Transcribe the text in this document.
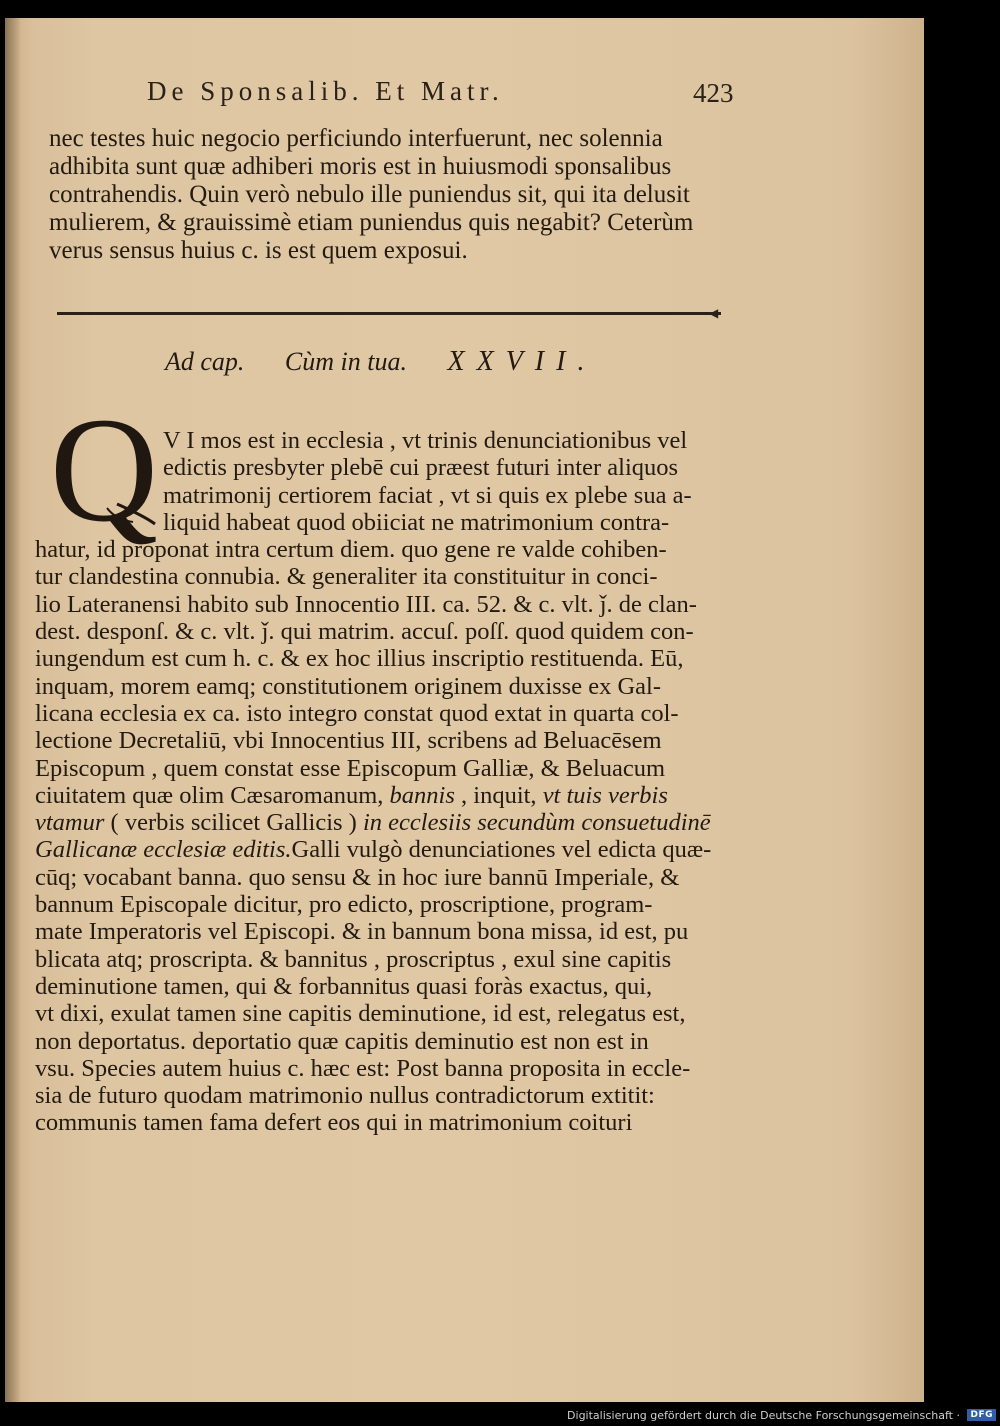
De Sponsalib. Et Matr.	423
nec testes huic negocio perficiundo interfuerunt, nec solennia
adhibita sunt quæ adhiberi moris est in huiusmodi sponsalibus
contrahendis. Quin verò nebulo ille puniendus sit, qui ita delusit
mulierem, & grauissimè etiam puniendus quis negabit? Ceterùm
verus sensus huius c. is est quem exposui.
◀
Ad cap. Cùm in tua. XXVII.
Q V I mos est in ecclesia , vt trinis denunciationibus vel
edictis presbyter plebē cui præest futuri inter aliquos
matrimonij certiorem faciat , vt si quis ex plebe sua a-
liquid habeat quod obiiciat ne matrimonium contra-
hatur, id proponat intra certum diem. quo gene re valde cohiben-
tur clandestina connubia. & generaliter ita constituitur in conci-
lio Lateranensi habito sub Innocentio III. ca. 52. & c. vlt. ǰ. de clan-
dest. desponſ. & c. vlt. ǰ. qui matrim. accuſ. poſſ. quod quidem con-
iungendum est cum h. c. & ex hoc illius inscriptio restituenda. Eū,
inquam, morem eamq; constitutionem originem duxisse ex Gal-
licana ecclesia ex ca. isto integro constat quod extat in quarta col-
lectione Decretaliū, vbi Innocentius III, scribens ad Beluacēsem
Episcopum , quem constat esse Episcopum Galliæ, & Beluacum
ciuitatem quæ olim Cæsaromanum, bannis , inquit, vt tuis verbis
vtamur ( verbis scilicet Gallicis ) in ecclesiis secundùm consuetudinē
Gallicanæ ecclesiæ editis.Galli vulgò denunciationes vel edicta quæ-
cūq; vocabant banna. quo sensu & in hoc iure bannū Imperiale, &
bannum Episcopale dicitur, pro edicto, proscriptione, program-
mate Imperatoris vel Episcopi. & in bannum bona missa, id est, pu
blicata atq; proscripta. & bannitus , proscriptus , exul sine capitis
deminutione tamen, qui & forbannitus quasi foràs exactus, qui,
vt dixi, exulat tamen sine capitis deminutione, id est, relegatus est,
non deportatus. deportatio quæ capitis deminutio est non est in
vsu. Species autem huius c. hæc est: Post banna proposita in eccle-
sia de futuro quodam matrimonio nullus contradictorum extitit:
communis tamen fama defert eos qui in matrimonium coituri
Digitalisierung gefördert durch die Deutsche Forschungsgemeinschaft · DFG
